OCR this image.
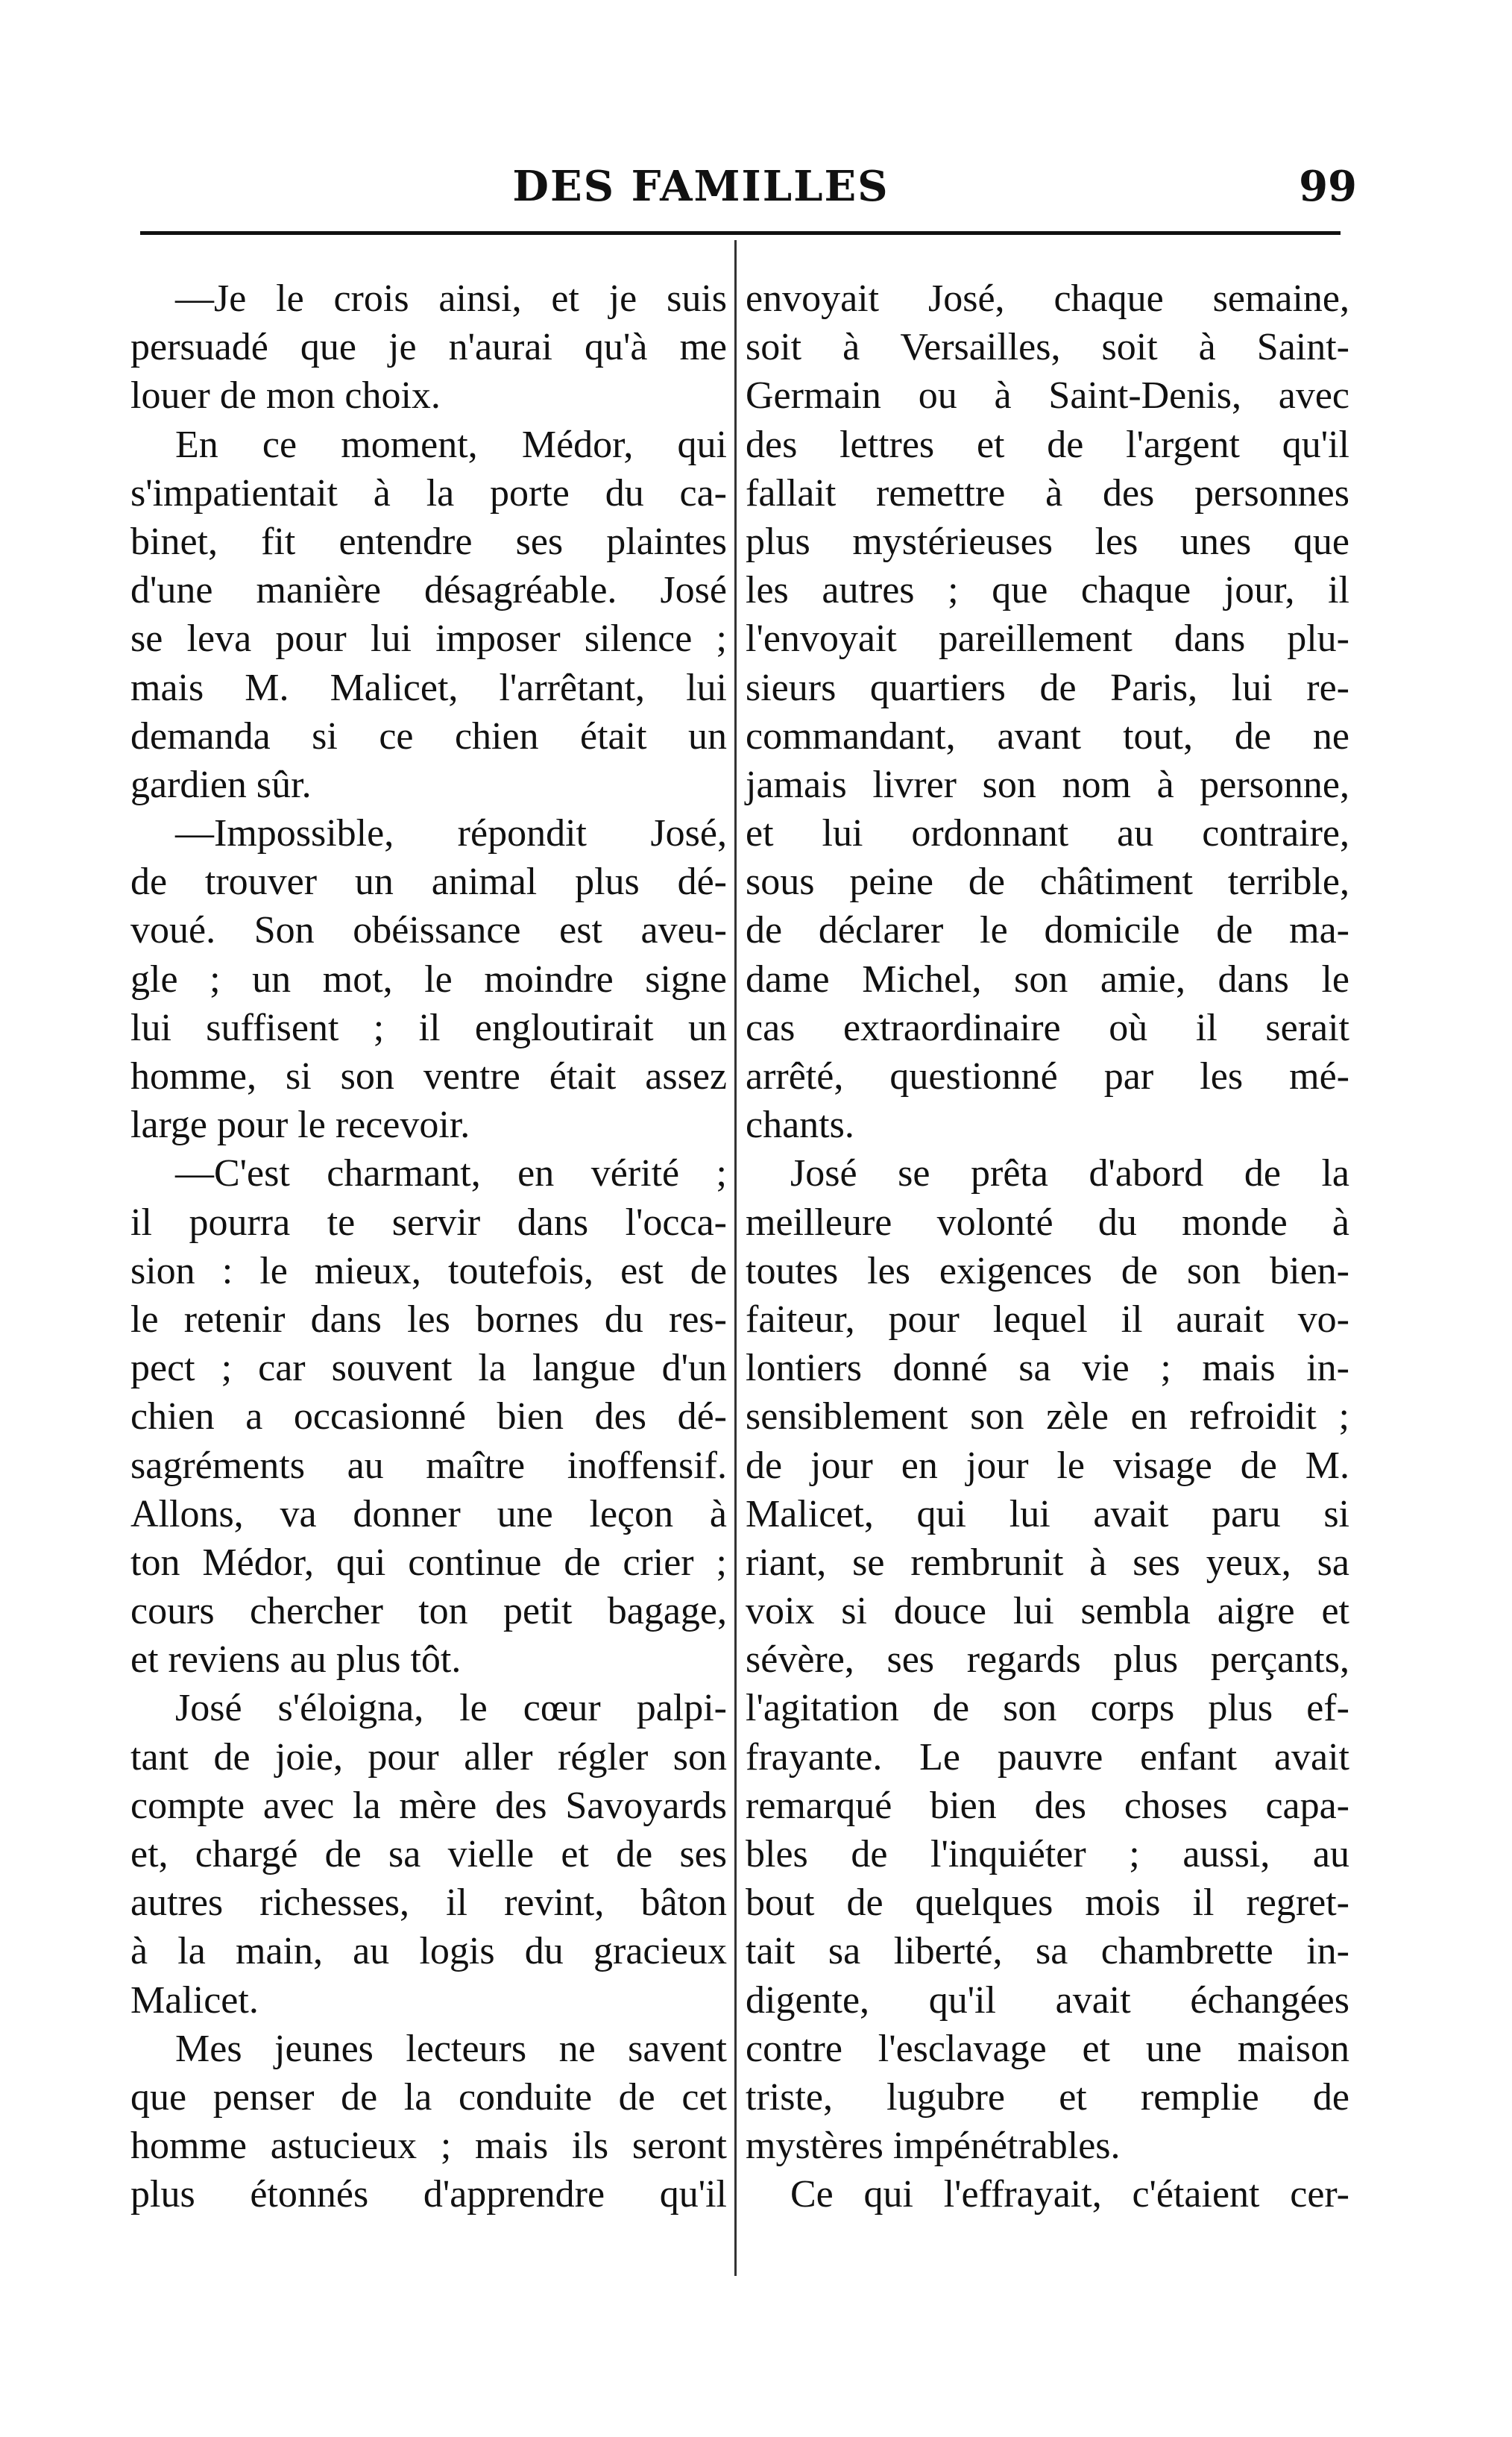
DES FAMILLES	99
—Je le crois ainsi, et je suis
persuadé que je n'aurai qu'à me
louer de mon choix.
En ce moment, Médor, qui
s'impatientait à la porte du ca-
binet, fit entendre ses plaintes
d'une manière désagréable. José
se leva pour lui imposer silence ;
mais M. Malicet, l'arrêtant, lui
demanda si ce chien était un
gardien sûr.
—Impossible, répondit José,
de trouver un animal plus dé-
voué. Son obéissance est aveu-
gle ; un mot, le moindre signe
lui suffisent ; il engloutirait un
homme, si son ventre était assez
large pour le recevoir.
—C'est charmant, en vérité ;
il pourra te servir dans l'occa-
sion : le mieux, toutefois, est de
le retenir dans les bornes du res-
pect ; car souvent la langue d'un
chien a occasionné bien des dé-
sagréments au maître inoffensif.
Allons, va donner une leçon à
ton Médor, qui continue de crier ;
cours chercher ton petit bagage,
et reviens au plus tôt.
José s'éloigna, le cœur palpi-
tant de joie, pour aller régler son
compte avec la mère des Savoyards
et, chargé de sa vielle et de ses
autres richesses, il revint, bâton
à la main, au logis du gracieux
Malicet.
Mes jeunes lecteurs ne savent
que penser de la conduite de cet
homme astucieux ; mais ils seront
plus étonnés d'apprendre qu'il
envoyait José, chaque semaine,
soit à Versailles, soit à Saint-
Germain ou à Saint-Denis, avec
des lettres et de l'argent qu'il
fallait remettre à des personnes
plus mystérieuses les unes que
les autres ; que chaque jour, il
l'envoyait pareillement dans plu-
sieurs quartiers de Paris, lui re-
commandant, avant tout, de ne
jamais livrer son nom à personne,
et lui ordonnant au contraire,
sous peine de châtiment terrible,
de déclarer le domicile de ma-
dame Michel, son amie, dans le
cas extraordinaire où il serait
arrêté, questionné par les mé-
chants.
José se prêta d'abord de la
meilleure volonté du monde à
toutes les exigences de son bien-
faiteur, pour lequel il aurait vo-
lontiers donné sa vie ; mais in-
sensiblement son zèle en refroidit ;
de jour en jour le visage de M.
Malicet, qui lui avait paru si
riant, se rembrunit à ses yeux, sa
voix si douce lui sembla aigre et
sévère, ses regards plus perçants,
l'agitation de son corps plus ef-
frayante. Le pauvre enfant avait
remarqué bien des choses capa-
bles de l'inquiéter ; aussi, au
bout de quelques mois il regret-
tait sa liberté, sa chambrette in-
digente, qu'il avait échangées
contre l'esclavage et une maison
triste, lugubre et remplie de
mystères impénétrables.
Ce qui l'effrayait, c'étaient cer-
